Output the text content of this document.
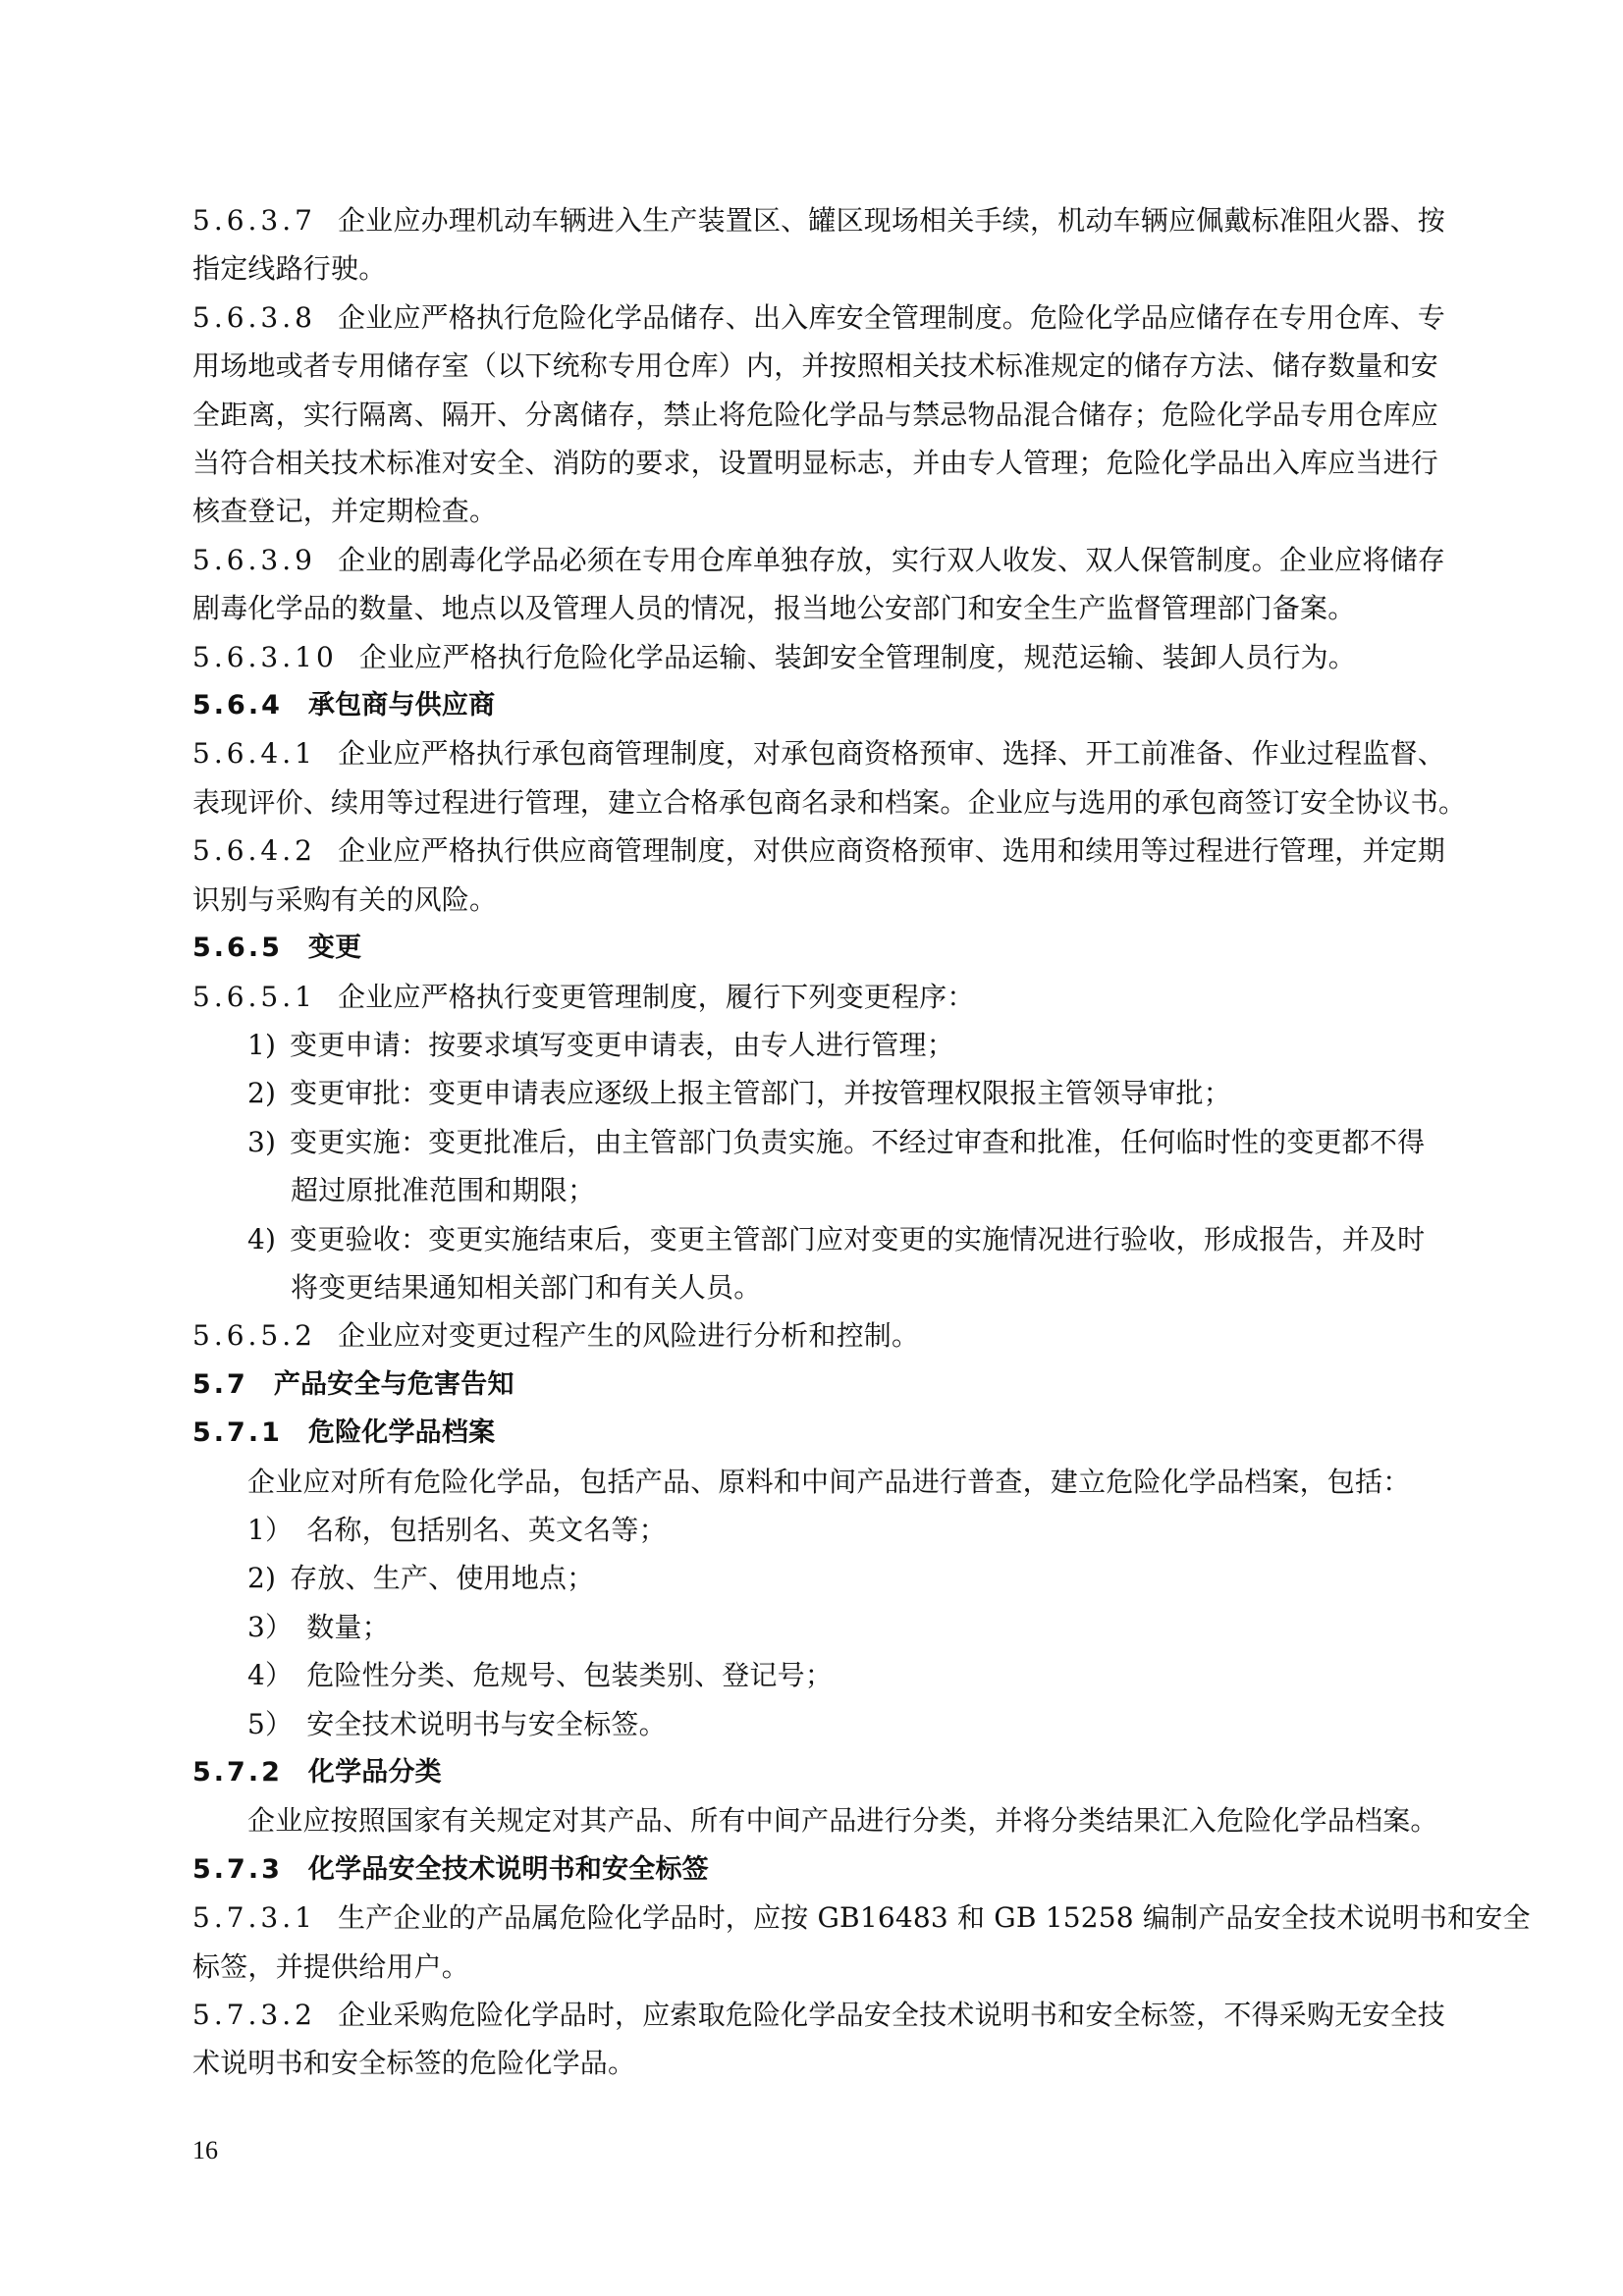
5.6.3.7 企业应办理机动车辆进入生产装置区、罐区现场相关手续，机动车辆应佩戴标准阻火器、按
指定线路行驶。
5.6.3.8 企业应严格执行危险化学品储存、出入库安全管理制度。危险化学品应储存在专用仓库、专
用场地或者专用储存室（以下统称专用仓库）内，并按照相关技术标准规定的储存方法、储存数量和安
全距离，实行隔离、隔开、分离储存，禁止将危险化学品与禁忌物品混合储存；危险化学品专用仓库应
当符合相关技术标准对安全、消防的要求，设置明显标志，并由专人管理；危险化学品出入库应当进行
核查登记，并定期检查。
5.6.3.9 企业的剧毒化学品必须在专用仓库单独存放，实行双人收发、双人保管制度。企业应将储存
剧毒化学品的数量、地点以及管理人员的情况，报当地公安部门和安全生产监督管理部门备案。
5.6.3.10 企业应严格执行危险化学品运输、装卸安全管理制度，规范运输、装卸人员行为。
5.6.4 承包商与供应商
5.6.4.1 企业应严格执行承包商管理制度，对承包商资格预审、选择、开工前准备、作业过程监督、
表现评价、续用等过程进行管理，建立合格承包商名录和档案。企业应与选用的承包商签订安全协议书。
5.6.4.2 企业应严格执行供应商管理制度，对供应商资格预审、选用和续用等过程进行管理，并定期
识别与采购有关的风险。
5.6.5 变更
5.6.5.1 企业应严格执行变更管理制度，履行下列变更程序：
1) 变更申请：按要求填写变更申请表，由专人进行管理；
2) 变更审批：变更申请表应逐级上报主管部门，并按管理权限报主管领导审批；
3) 变更实施：变更批准后，由主管部门负责实施。不经过审查和批准，任何临时性的变更都不得
超过原批准范围和期限；
4) 变更验收：变更实施结束后，变更主管部门应对变更的实施情况进行验收，形成报告，并及时
将变更结果通知相关部门和有关人员。
5.6.5.2 企业应对变更过程产生的风险进行分析和控制。
5.7 产品安全与危害告知
5.7.1 危险化学品档案
企业应对所有危险化学品，包括产品、原料和中间产品进行普查，建立危险化学品档案，包括：
1） 名称，包括别名、英文名等；
2) 存放、生产、使用地点；
3） 数量；
4） 危险性分类、危规号、包装类别、登记号；
5） 安全技术说明书与安全标签。
5.7.2 化学品分类
企业应按照国家有关规定对其产品、所有中间产品进行分类，并将分类结果汇入危险化学品档案。
5.7.3 化学品安全技术说明书和安全标签
5.7.3.1 生产企业的产品属危险化学品时，应按 GB16483 和 GB 15258 编制产品安全技术说明书和安全
标签，并提供给用户。
5.7.3.2 企业采购危险化学品时，应索取危险化学品安全技术说明书和安全标签，不得采购无安全技
术说明书和安全标签的危险化学品。
16
